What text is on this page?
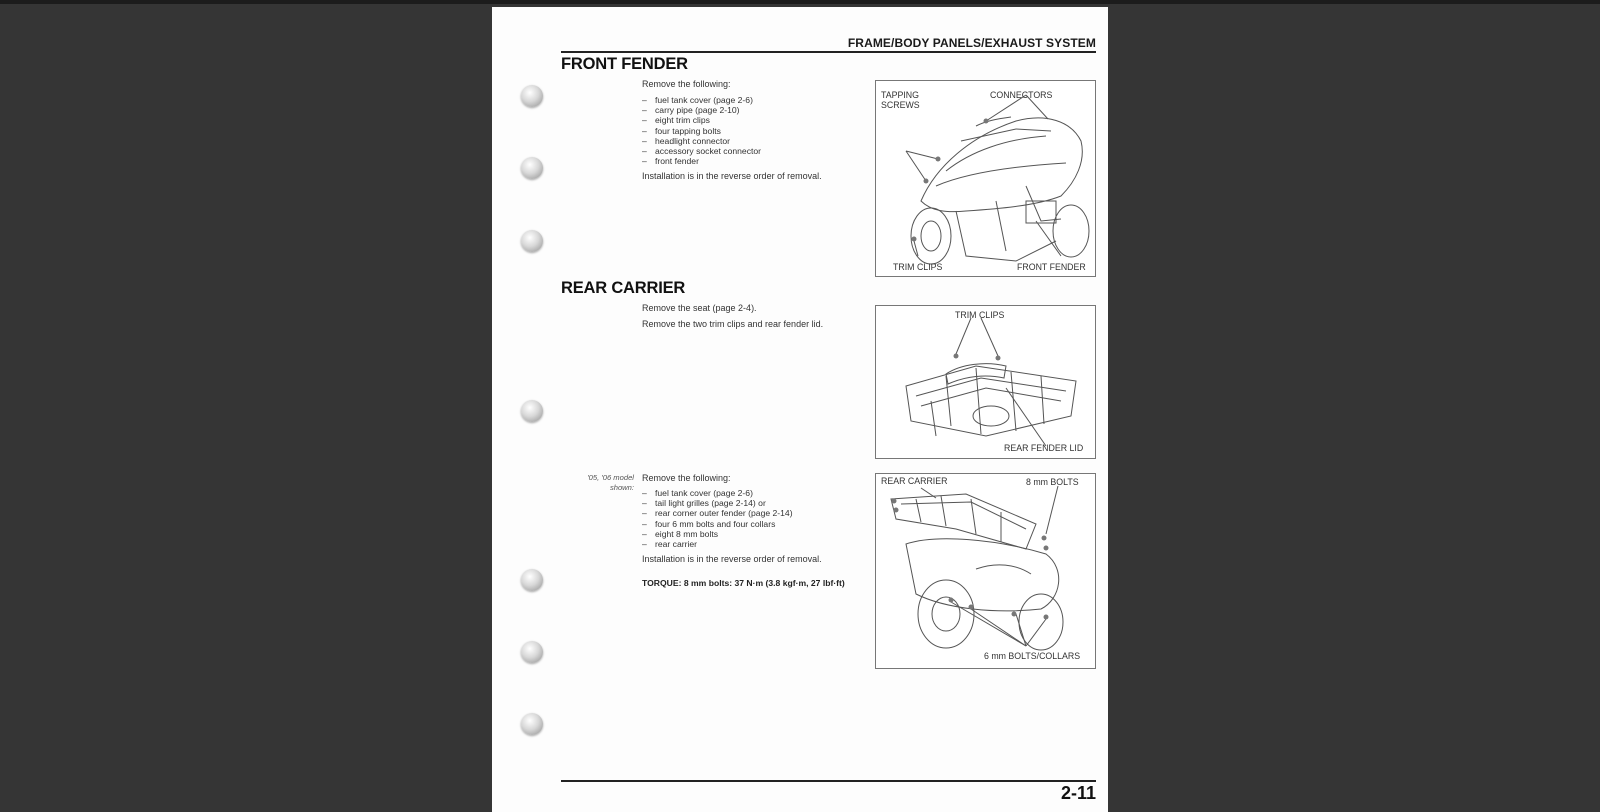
FRAME/BODY PANELS/EXHAUST SYSTEM
FRONT FENDER
Remove the following:
– fuel tank cover (page 2-6)
– carry pipe (page 2-10)
– eight trim clips
– four tapping bolts
– headlight connector
– accessory socket connector
– front fender
Installation is in the reverse order of removal.
TAPPING
SCREWS
CONNECTORS
TRIM CLIPS	FRONT FENDER
REAR CARRIER
Remove the seat (page 2-4).
Remove the two trim clips and rear fender lid.
TRIM CLIPS
REAR FENDER LID
'05, '06 model
shown:
Remove the following:
– fuel tank cover (page 2-6)
– tail light grilles (page 2-14) or
– rear corner outer fender (page 2-14)
– four 6 mm bolts and four collars
– eight 8 mm bolts
– rear carrier
Installation is in the reverse order of removal.
TORQUE: 8 mm bolts: 37 N·m (3.8 kgf·m, 27 lbf·ft)
REAR CARRIER	8 mm BOLTS
6 mm BOLTS/COLLARS
2-11
